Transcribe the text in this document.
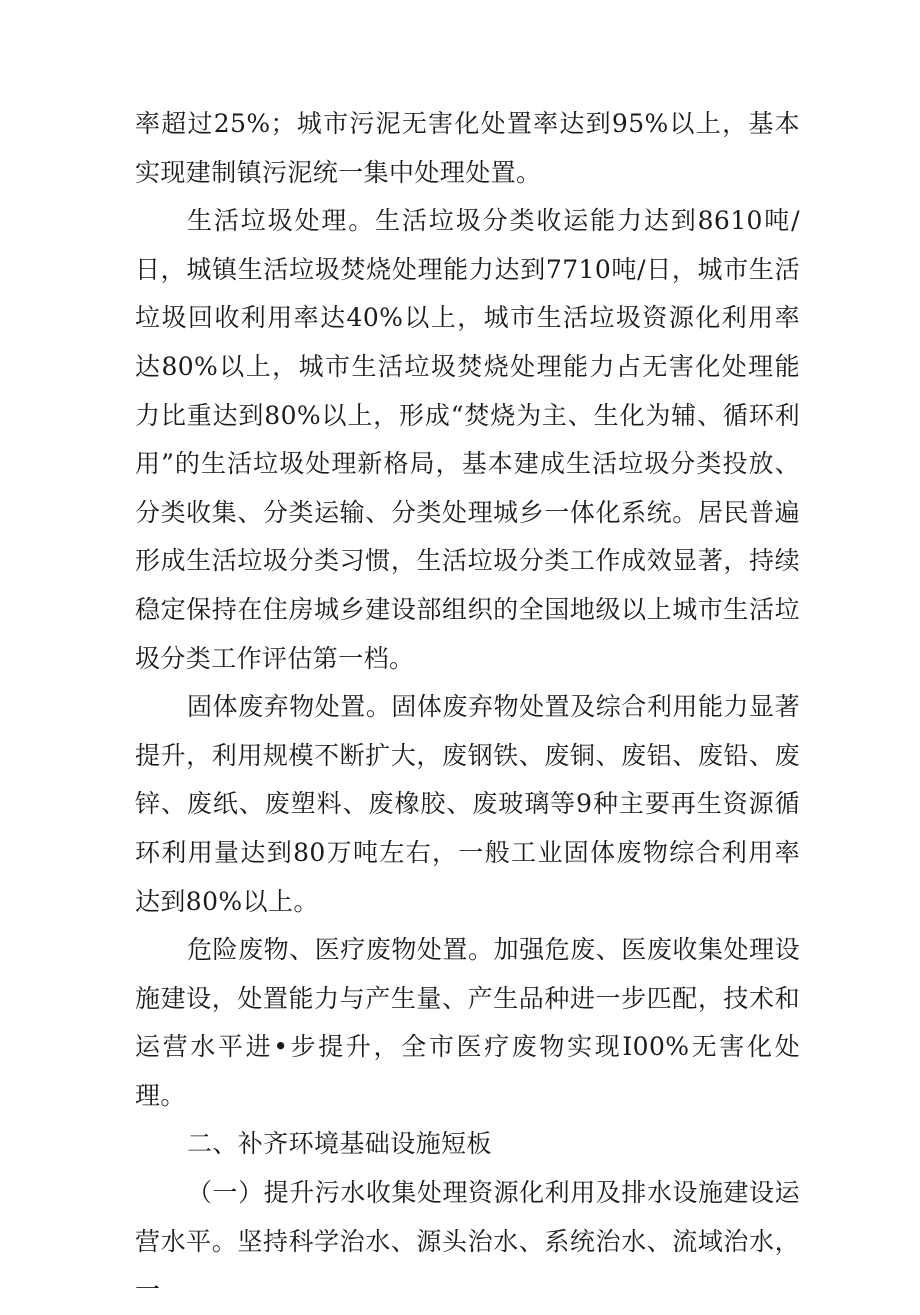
率超过25%；城市污泥无害化处置率达到95%以上，基本实现建制镇污泥统一集中处理处置。

生活垃圾处理。生活垃圾分类收运能力达到8610吨/日，城镇生活垃圾焚烧处理能力达到7710吨/日，城市生活垃圾回收利用率达40%以上，城市生活垃圾资源化利用率达80%以上，城市生活垃圾焚烧处理能力占无害化处理能力比重达到80%以上，形成“焚烧为主、生化为辅、循环利用”的生活垃圾处理新格局，基本建成生活垃圾分类投放、分类收集、分类运输、分类处理城乡一体化系统。居民普遍形成生活垃圾分类习惯，生活垃圾分类工作成效显著，持续稳定保持在住房城乡建设部组织的全国地级以上城市生活垃圾分类工作评估第一档。

固体废弃物处置。固体废弃物处置及综合利用能力显著提升，利用规模不断扩大，废钢铁、废铜、废铝、废铅、废锌、废纸、废塑料、废橡胶、废玻璃等9种主要再生资源循环利用量达到80万吨左右，一般工业固体废物综合利用率达到80%以上。

危险废物、医疗废物处置。加强危废、医废收集处理设施建设，处置能力与产生量、产生品种进一步匹配，技术和运营水平进•步提升，全市医疗废物实现I00%无害化处理。

二、补齐环境基础设施短板

（一）提升污水收集处理资源化利用及排水设施建设运营水平。坚持科学治水、源头治水、系统治水、流域治水，一
